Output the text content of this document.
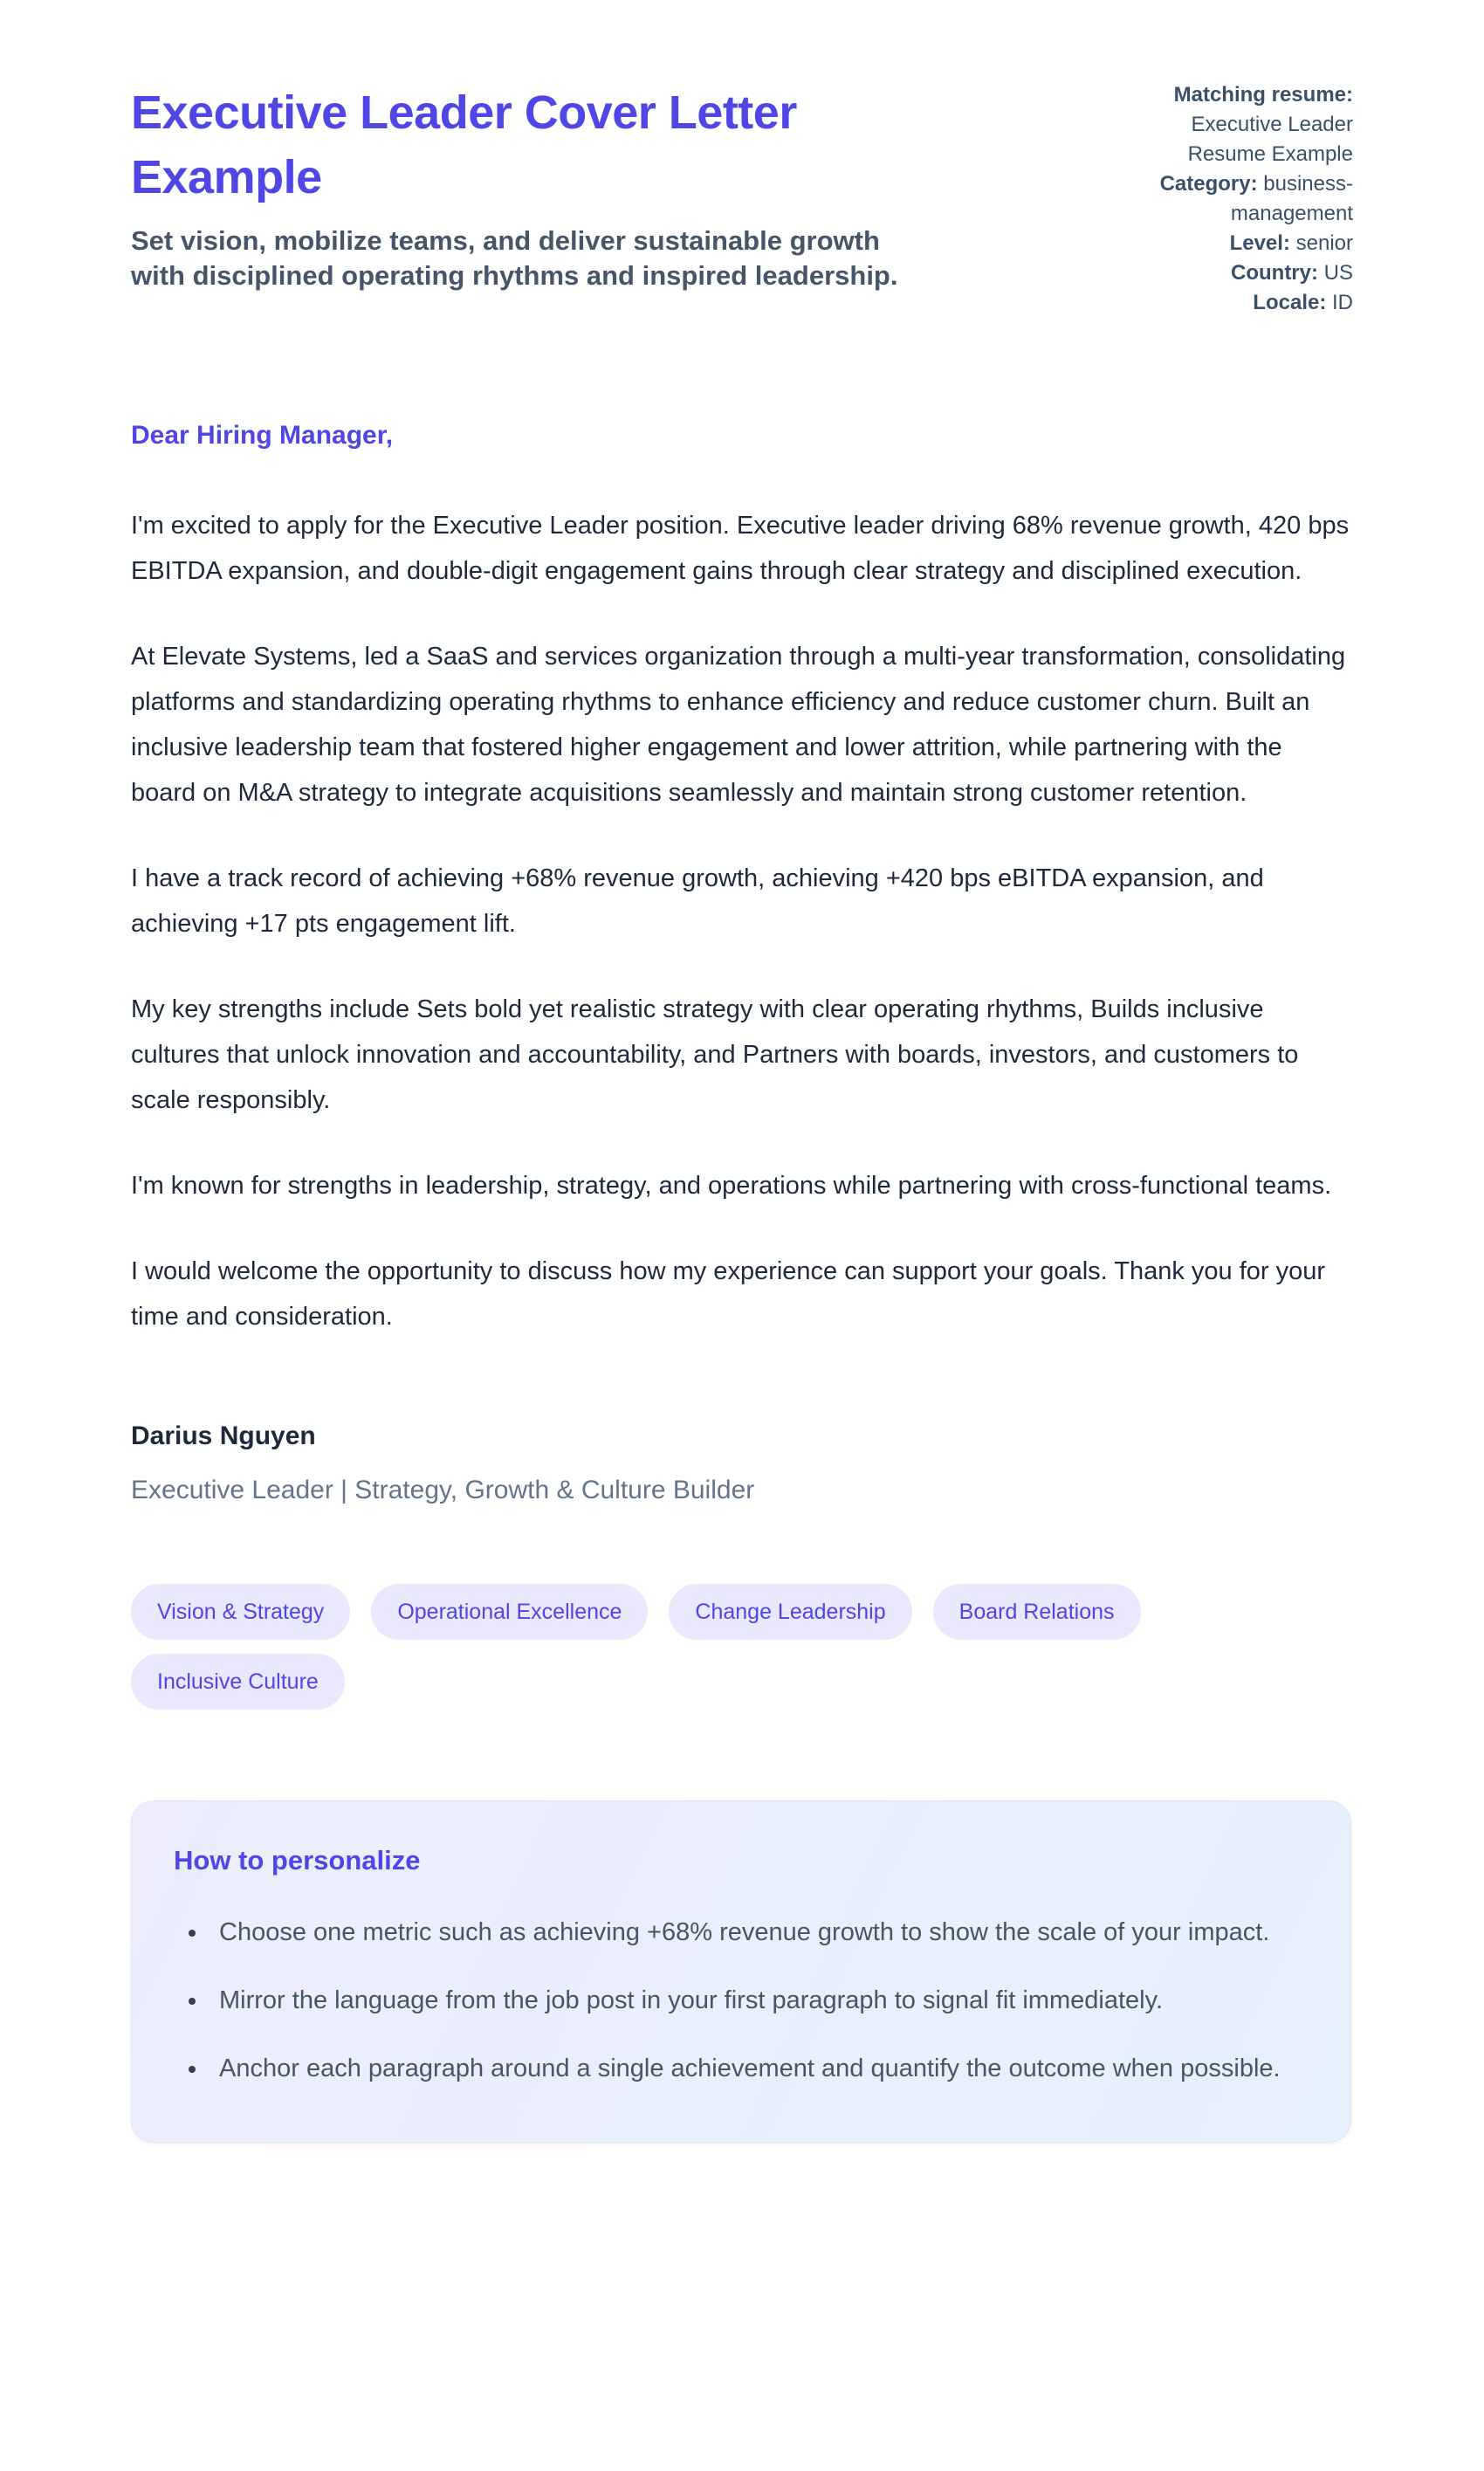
Executive Leader Cover Letter Example

Set vision, mobilize teams, and deliver sustainable growth with disciplined operating rhythms and inspired leadership.

Matching resume: Executive Leader Resume Example

Category: business-management

Level: senior

Country: US

Locale: ID

Dear Hiring Manager,

I'm excited to apply for the Executive Leader position. Executive leader driving 68% revenue growth, 420 bps EBITDA expansion, and double-digit engagement gains through clear strategy and disciplined execution.

At Elevate Systems, led a SaaS and services organization through a multi-year transformation, consolidating platforms and standardizing operating rhythms to enhance efficiency and reduce customer churn. Built an inclusive leadership team that fostered higher engagement and lower attrition, while partnering with the board on M&A strategy to integrate acquisitions seamlessly and maintain strong customer retention.

I have a track record of achieving +68% revenue growth, achieving +420 bps eBITDA expansion, and achieving +17 pts engagement lift.

My key strengths include Sets bold yet realistic strategy with clear operating rhythms, Builds inclusive cultures that unlock innovation and accountability, and Partners with boards, investors, and customers to scale responsibly.

I'm known for strengths in leadership, strategy, and operations while partnering with cross-functional teams.

I would welcome the opportunity to discuss how my experience can support your goals. Thank you for your time and consideration.

Darius Nguyen

Executive Leader | Strategy, Growth & Culture Builder

Vision & Strategy	Operational Excellence	Change Leadership	Board Relations
Inclusive Culture
How to personalize
• Choose one metric such as achieving +68% revenue growth to show the scale of your impact.
• Mirror the language from the job post in your first paragraph to signal fit immediately.
• Anchor each paragraph around a single achievement and quantify the outcome when possible.
